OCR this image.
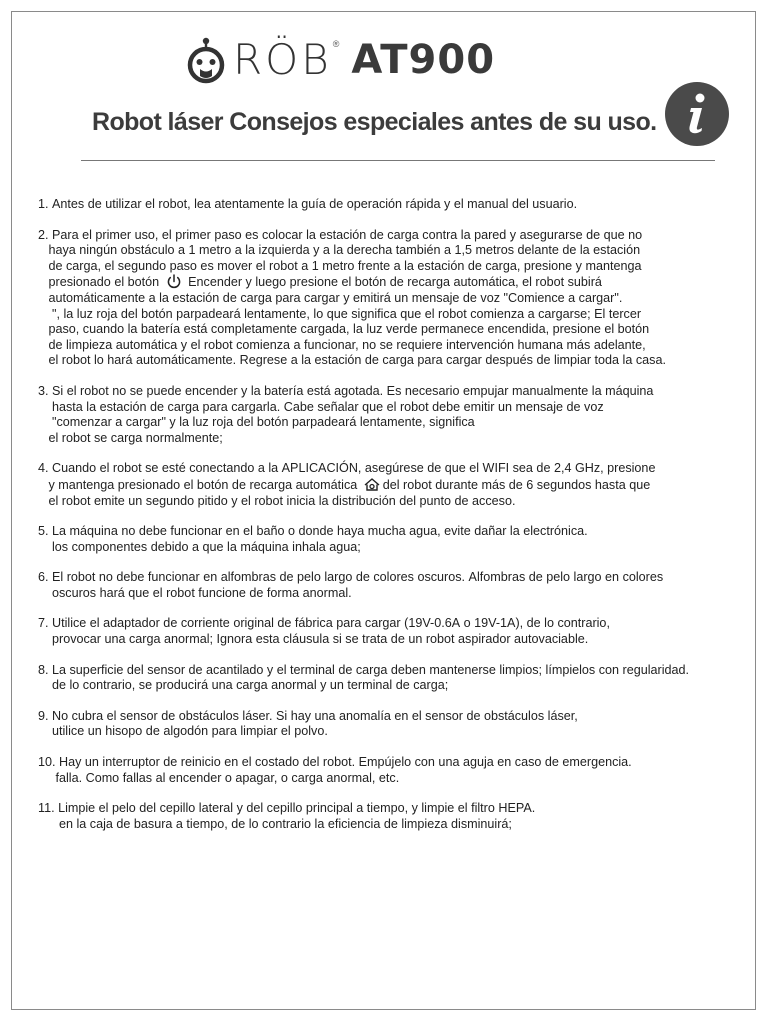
RÖB ® AT900
Robot láser Consejos especiales antes de su uso.
1. Antes de utilizar el robot, lea atentamente la guía de operación rápida y el manual del usuario.
2. Para el primer uso, el primer paso es colocar la estación de carga contra la pared y asegurarse de que no
haya ningún obstáculo a 1 metro a la izquierda y a la derecha también a 1,5 metros delante de la estación
de carga, el segundo paso es mover el robot a 1 metro frente a la estación de carga, presione y mantenga
presionado el botón  Encender y luego presione el botón de recarga automática, el robot subirá
automáticamente a la estación de carga para cargar y emitirá un mensaje de voz "Comience a cargar".
", la luz roja del botón parpadeará lentamente, lo que significa que el robot comienza a cargarse; El tercer
paso, cuando la batería está completamente cargada, la luz verde permanece encendida, presione el botón
de limpieza automática y el robot comienza a funcionar, no se requiere intervención humana más adelante,
el robot lo hará automáticamente. Regrese a la estación de carga para cargar después de limpiar toda la casa.
3. Si el robot no se puede encender y la batería está agotada. Es necesario empujar manualmente la máquina
hasta la estación de carga para cargarla. Cabe señalar que el robot debe emitir un mensaje de voz
"comenzar a cargar" y la luz roja del botón parpadeará lentamente, significa
el robot se carga normalmente;
4. Cuando el robot se esté conectando a la APLICACIÓN, asegúrese de que el WIFI sea de 2,4 GHz, presione
y mantenga presionado el botón de recarga automática del robot durante más de 6 segundos hasta que
el robot emite un segundo pitido y el robot inicia la distribución del punto de acceso.
5. La máquina no debe funcionar en el baño o donde haya mucha agua, evite dañar la electrónica.
los componentes debido a que la máquina inhala agua;
6. El robot no debe funcionar en alfombras de pelo largo de colores oscuros. Alfombras de pelo largo en colores
oscuros hará que el robot funcione de forma anormal.
7. Utilice el adaptador de corriente original de fábrica para cargar (19V-0.6A o 19V-1A), de lo contrario,
provocar una carga anormal; Ignora esta cláusula si se trata de un robot aspirador autovaciable.
8. La superficie del sensor de acantilado y el terminal de carga deben mantenerse limpios; límpielos con regularidad.
de lo contrario, se producirá una carga anormal y un terminal de carga;
9. No cubra el sensor de obstáculos láser. Si hay una anomalía en el sensor de obstáculos láser,
utilice un hisopo de algodón para limpiar el polvo.
10. Hay un interruptor de reinicio en el costado del robot. Empújelo con una aguja en caso de emergencia.
falla. Como fallas al encender o apagar, o carga anormal, etc.
11. Limpie el pelo del cepillo lateral y del cepillo principal a tiempo, y limpie el filtro HEPA.
en la caja de basura a tiempo, de lo contrario la eficiencia de limpieza disminuirá;
